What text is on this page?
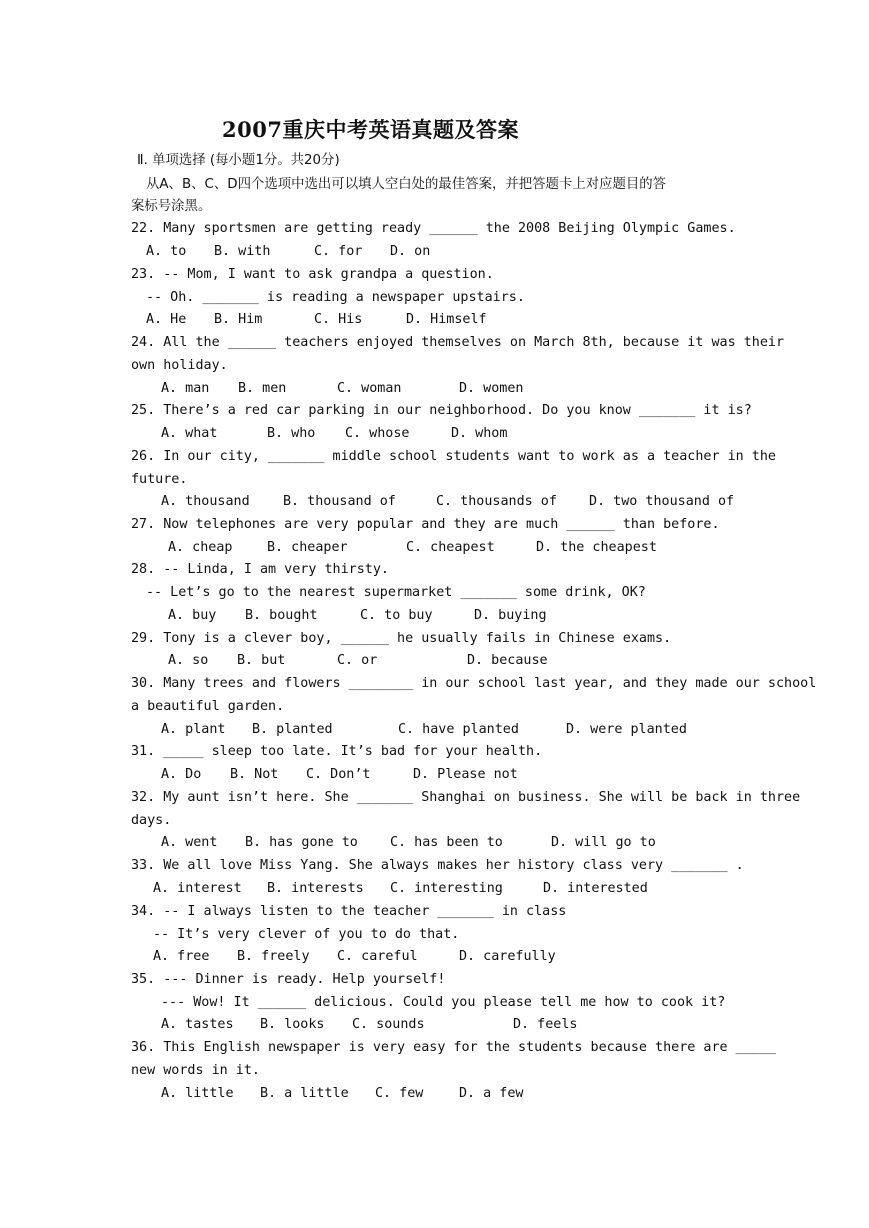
2007重庆中考英语真题及答案
Ⅱ. 单项选择 (每小题1分。共20分)
从A、B、C、D四个选项中选出可以填人空白处的最佳答案，并把答题卡上对应题目的答
案标号涂黑。
22. Many sportsmen are getting ready ______ the 2008 Beijing Olympic Games.
A. to B. with	C. for D. on
23. -- Mom, I want to ask grandpa a question.
-- Oh. _______ is reading a newspaper upstairs.
A. He B. Him	C. His	D. Himself
24. All the ______ teachers enjoyed themselves on March 8th, because it was their
own holiday.
A. man B. men	C. woman	D. women
25. There’s a red car parking in our neighborhood. Do you know _______ it is?
A. what	B. who C. whose	D. whom
26. In our city, _______ middle school students want to work as a teacher in the
future.
A. thousand B. thousand of	C. thousands of D. two thousand of
27. Now telephones are very popular and they are much ______ than before.
A. cheap	B. cheaper	C. cheapest	D. the cheapest
28. -- Linda, I am very thirsty.
-- Let’s go to the nearest supermarket _______ some drink, OK?
A. buy B. bought	C. to buy	D. buying
29. Tony is a clever boy, ______ he usually fails in Chinese exams.
A. so B. but	C. or	D. because
30. Many trees and flowers ________ in our school last year, and they made our school
a beautiful garden.
A. plant B. planted	C. have planted	D. were planted
31. _____ sleep too late. It’s bad for your health.
A. Do B. Not C. Don’t	D. Please not
32. My aunt isn’t here. She _______ Shanghai on business. She will be back in three
days.
A. went B. has gone to C. has been to	D. will go to
33. We all love Miss Yang. She always makes her history class very _______ .
A. interest B. interests C. interesting	D. interested
34. -- I always listen to the teacher _______ in class
-- It’s very clever of you to do that.
A. free B. freely C. careful	D. carefully
35. --- Dinner is ready. Help yourself!
--- Wow! It ______ delicious. Could you please tell me how to cook it?
A. tastes B. looks C. sounds	D. feels
36. This English newspaper is very easy for the students because there are _____
new words in it.
A. little B. a little C. few	D. a few
